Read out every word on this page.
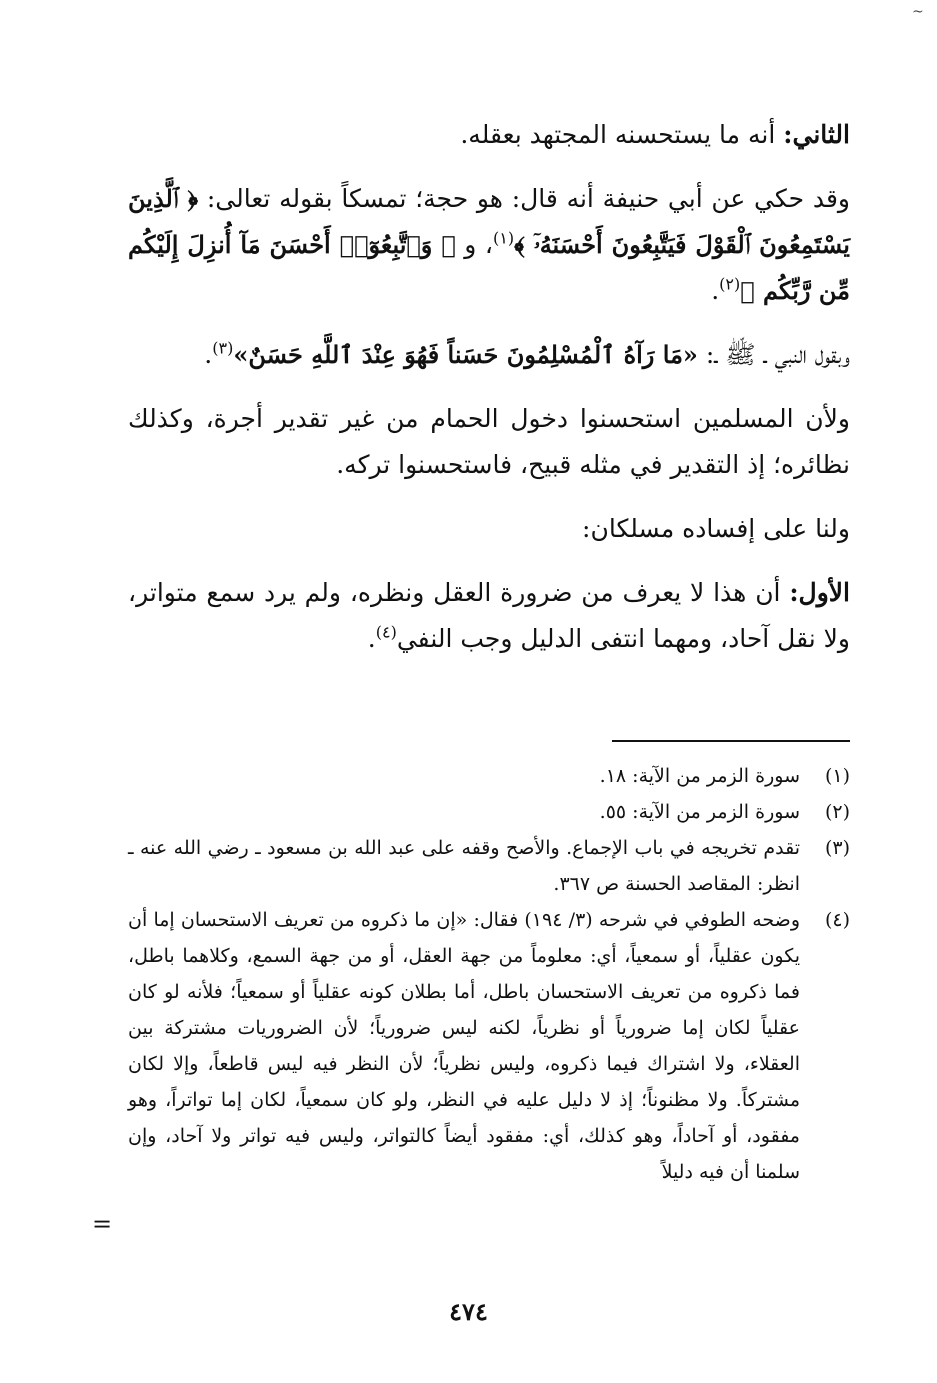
~

الثاني: أنه ما يستحسنه المجتهد بعقله.

وقد حكي عن أبي حنيفة أنه قال: هو حجة؛ تمسكاً بقوله تعالى: ﴿ ٱلَّذِينَ يَسْتَمِعُونَ ٱلْقَوْلَ فَيَتَّبِعُونَ أَحْسَنَهُۥٓ ﴾$^{(١)}$، و ﴿ وَٱتَّبِعُوٓا۟ أَحْسَنَ مَآ أُنزِلَ إِلَيْكُم مِّن رَّبِّكُم ﴾$^{(٢)}$.

وبقول النبي ـ ﷺ ـ: «مَا رَآهُ ٱلْمُسْلِمُونَ حَسَناً فَهُوَ عِنْدَ ٱللَّهِ حَسَنٌ»$^{(٣)}$.

ولأن المسلمين استحسنوا دخول الحمام من غير تقدير أجرة، وكذلك نظائره؛ إذ التقدير في مثله قبيح، فاستحسنوا تركه.

ولنا على إفساده مسلكان:

الأول: أن هذا لا يعرف من ضرورة العقل ونظره، ولم يرد سمع متواتر، ولا نقل آحاد، ومهما انتفى الدليل وجب النفي$^{(٤)}$.

(١)

سورة الزمر من الآية: ١٨.

(٢)

سورة الزمر من الآية: ٥٥.

(٣)

تقدم تخريجه في باب الإجماع. والأصح وقفه على عبد الله بن مسعود ـ رضي الله عنه ـ انظر: المقاصد الحسنة ص ٣٦٧.

(٤)

وضحه الطوفي في شرحه (٣/ ١٩٤) فقال: «إن ما ذكروه من تعريف الاستحسان إما أن يكون عقلياً، أو سمعياً، أي: معلوماً من جهة العقل، أو من جهة السمع، وكلاهما باطل، فما ذكروه من تعريف الاستحسان باطل، أما بطلان كونه عقلياً أو سمعياً؛ فلأنه لو كان عقلياً لكان إما ضرورياً أو نظرياً، لكنه ليس ضرورياً؛ لأن الضروريات مشتركة بين العقلاء، ولا اشتراك فيما ذكروه، وليس نظرياً؛ لأن النظر فيه ليس قاطعاً، وإلا لكان مشتركاً. ولا مظنوناً؛ إذ لا دليل عليه في النظر، ولو كان سمعياً، لكان إما تواتراً، وهو مفقود، أو آحاداً، وهو كذلك، أي: مفقود أيضاً كالتواتر، وليس فيه تواتر ولا آحاد، وإن سلمنا أن فيه دليلاً

=
٤٧٤
